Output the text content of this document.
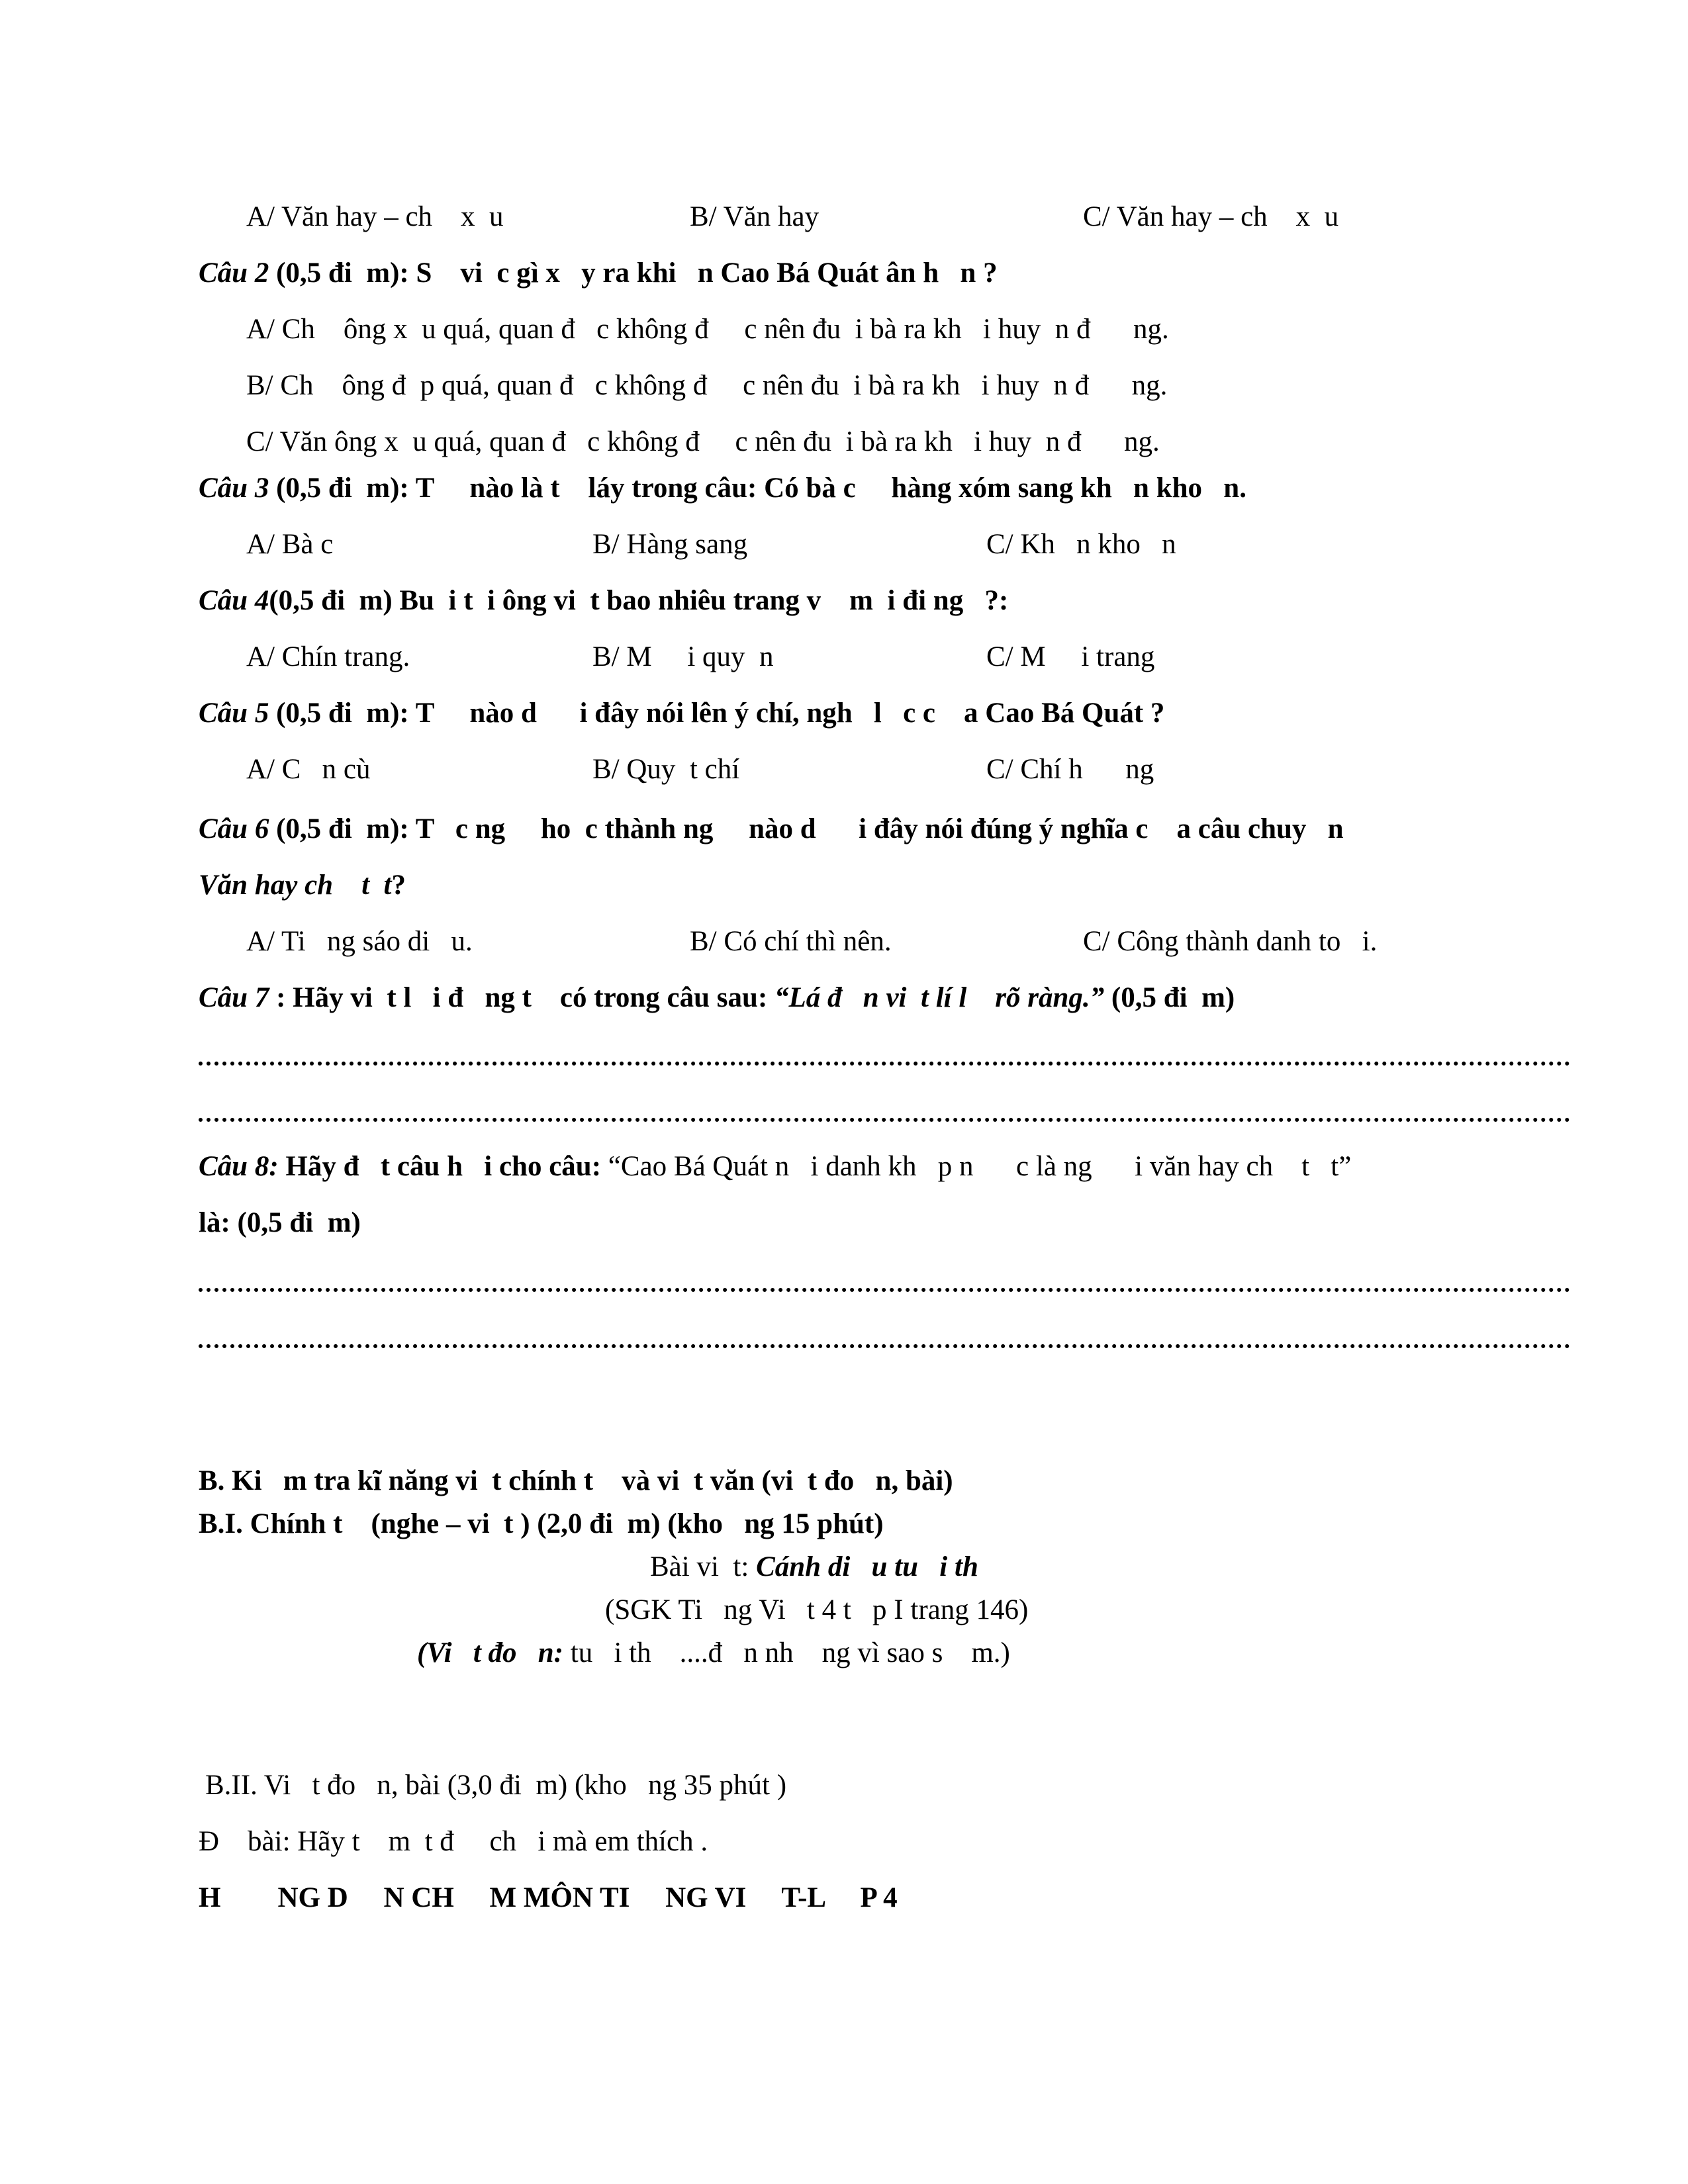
A/ Văn hay – ch    x  u	B/ Văn hay	C/ Văn hay – ch    x  u
Câu 2 (0,5 đi  m): S    vi  c gì x   y ra khi   n Cao Bá Quát ân h   n ?
A/ Ch    ông x  u quá, quan đ   c không đ     c nên đu  i bà ra kh   i huy  n đ      ng.
B/ Ch    ông đ  p quá, quan đ   c không đ     c nên đu  i bà ra kh   i huy  n đ      ng.
C/ Văn ông x  u quá, quan đ   c không đ     c nên đu  i bà ra kh   i huy  n đ      ng.
Câu 3 (0,5 đi  m): T     nào là t    láy trong câu: Có bà c     hàng xóm sang kh   n kho   n.
A/ Bà c	B/ Hàng sang	C/ Kh   n kho   n
Câu 4(0,5 đi  m) Bu  i t  i ông vi  t bao nhiêu trang v    m  i đi ng   ?:
A/ Chín trang.	B/ M     i quy  n	C/ M     i trang
Câu 5 (0,5 đi  m): T     nào d      i đây nói lên ý chí, ngh   l   c c    a Cao Bá Quát ?
A/ C   n cù	B/ Quy  t chí	C/ Chí h      ng
Câu 6 (0,5 đi  m): T   c ng     ho  c thành ng     nào d      i đây nói đúng ý nghĩa c    a câu chuy   n
Văn hay ch    t  t?
A/ Ti   ng sáo di   u.	B/ Có chí thì nên.	C/ Công thành danh to   i.
Câu 7 : Hãy vi  t l   i đ   ng t    có trong câu sau: “Lá đ   n vi  t lí l    rõ ràng.” (0,5 đi  m)
Câu 8: Hãy đ   t câu h   i cho câu: “Cao Bá Quát n   i danh kh   p n      c là ng      i văn hay ch    t   t”
là: (0,5 đi  m)
B. Ki   m tra kĩ năng vi  t chính t    và vi  t văn (vi  t đo   n, bài)
B.I. Chính t    (nghe – vi  t ) (2,0 đi  m) (kho   ng 15 phút)
Bài vi  t: Cánh di   u tu   i th
(SGK Ti   ng Vi   t 4 t   p I trang 146)
(Vi   t đo   n: tu   i th    ....đ   n nh    ng vì sao s    m.)
B.II. Vi   t đo   n, bài (3,0 đi  m) (kho   ng 35 phút )
Đ    bài: Hãy t    m  t đ     ch   i mà em thích .
H        NG D     N CH     M MÔN TI     NG VI     T-L     P 4
